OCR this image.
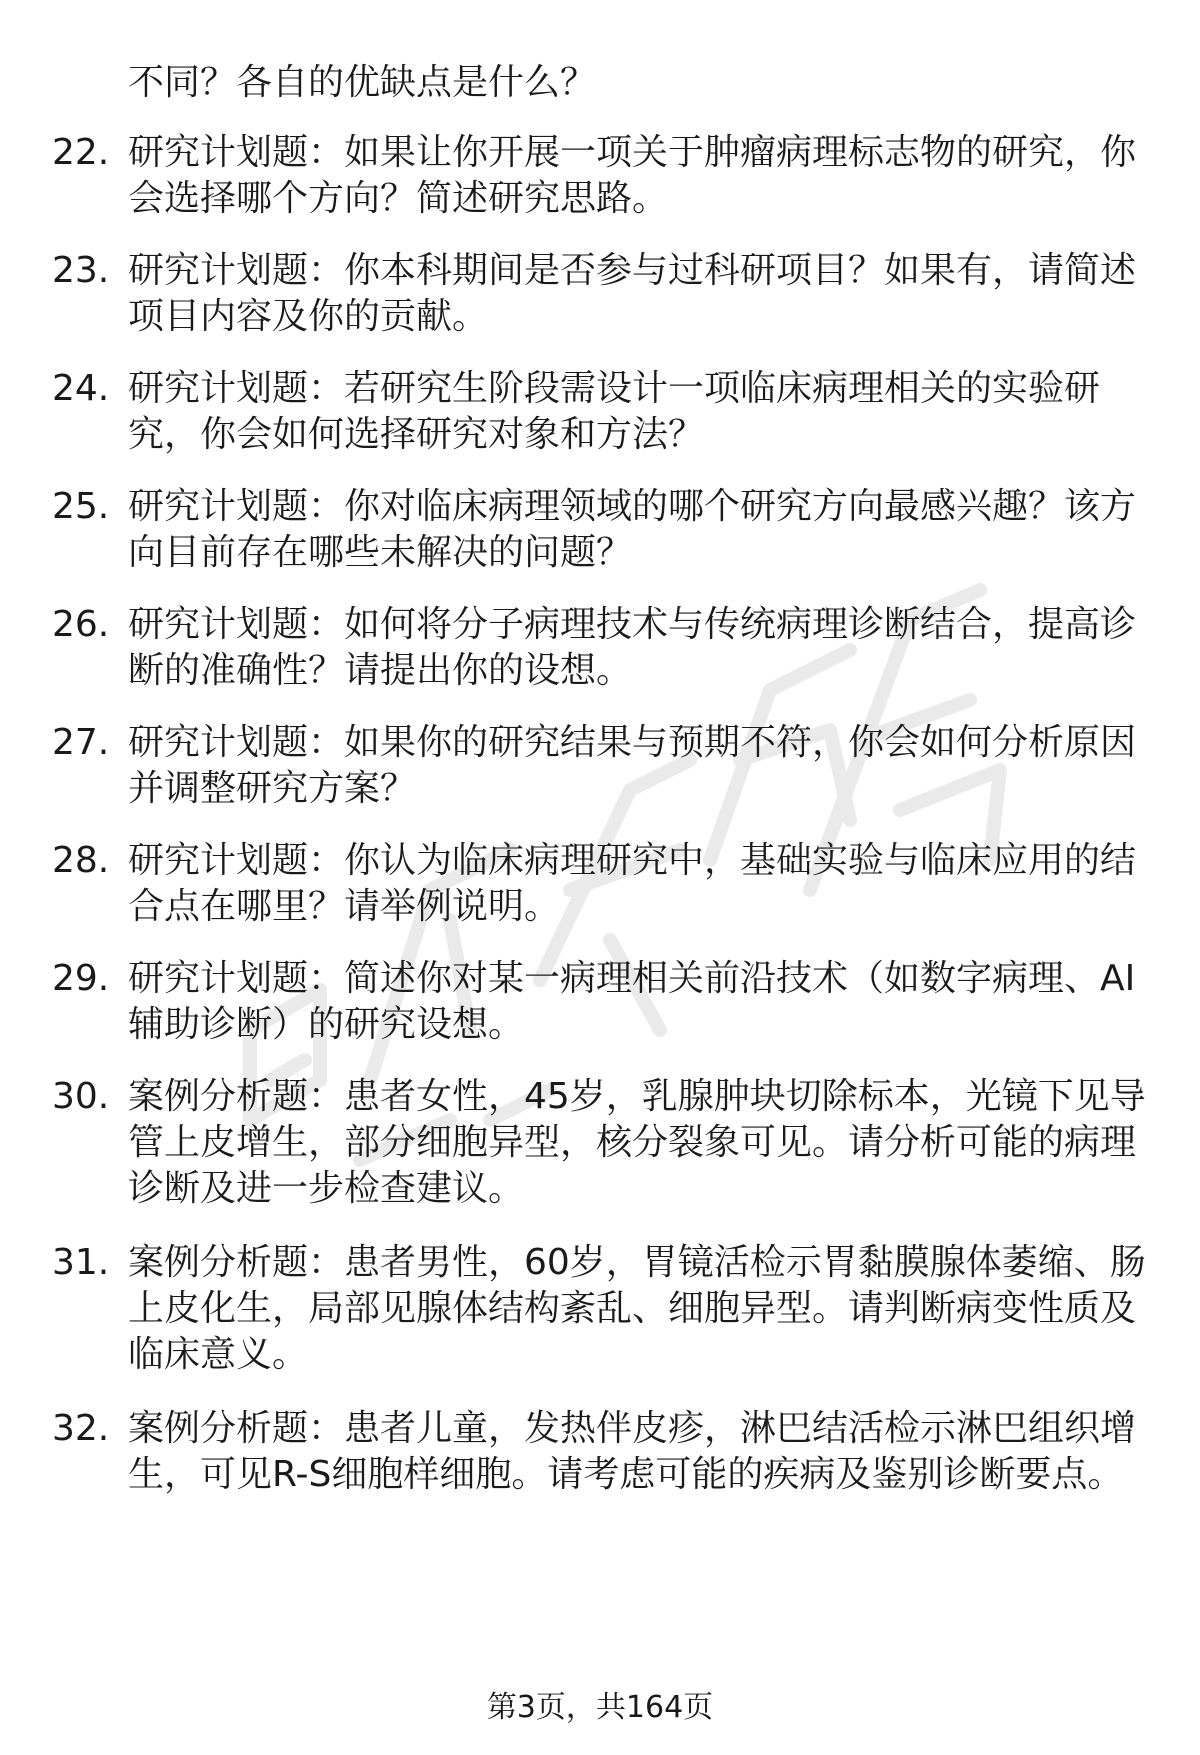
不同？各自的优缺点是什么？

22. 研究计划题：如果让你开展一项关于肿瘤病理标志物的研究，你

会选择哪个方向？简述研究思路。

23. 研究计划题：你本科期间是否参与过科研项目？如果有，请简述

项目内容及你的贡献。

24. 研究计划题：若研究生阶段需设计一项临床病理相关的实验研

究，你会如何选择研究对象和方法？

25. 研究计划题：你对临床病理领域的哪个研究方向最感兴趣？该方

向目前存在哪些未解决的问题？

26. 研究计划题：如何将分子病理技术与传统病理诊断结合，提高诊

断的准确性？请提出你的设想。

27. 研究计划题：如果你的研究结果与预期不符，你会如何分析原因

并调整研究方案？

28. 研究计划题：你认为临床病理研究中，基础实验与临床应用的结

合点在哪里？请举例说明。

29. 研究计划题：简述你对某一病理相关前沿技术（如数字病理、AI

辅助诊断）的研究设想。

30. 案例分析题：患者女性，45岁，乳腺肿块切除标本，光镜下见导

管上皮增生，部分细胞异型，核分裂象可见。请分析可能的病理

诊断及进一步检查建议。

31. 案例分析题：患者男性，60岁，胃镜活检示胃黏膜腺体萎缩、肠

上皮化生，局部见腺体结构紊乱、细胞异型。请判断病变性质及

临床意义。

32. 案例分析题：患者儿童，发热伴皮疹，淋巴结活检示淋巴组织增

生，可见R-S细胞样细胞。请考虑可能的疾病及鉴别诊断要点。

第3页，共164页
